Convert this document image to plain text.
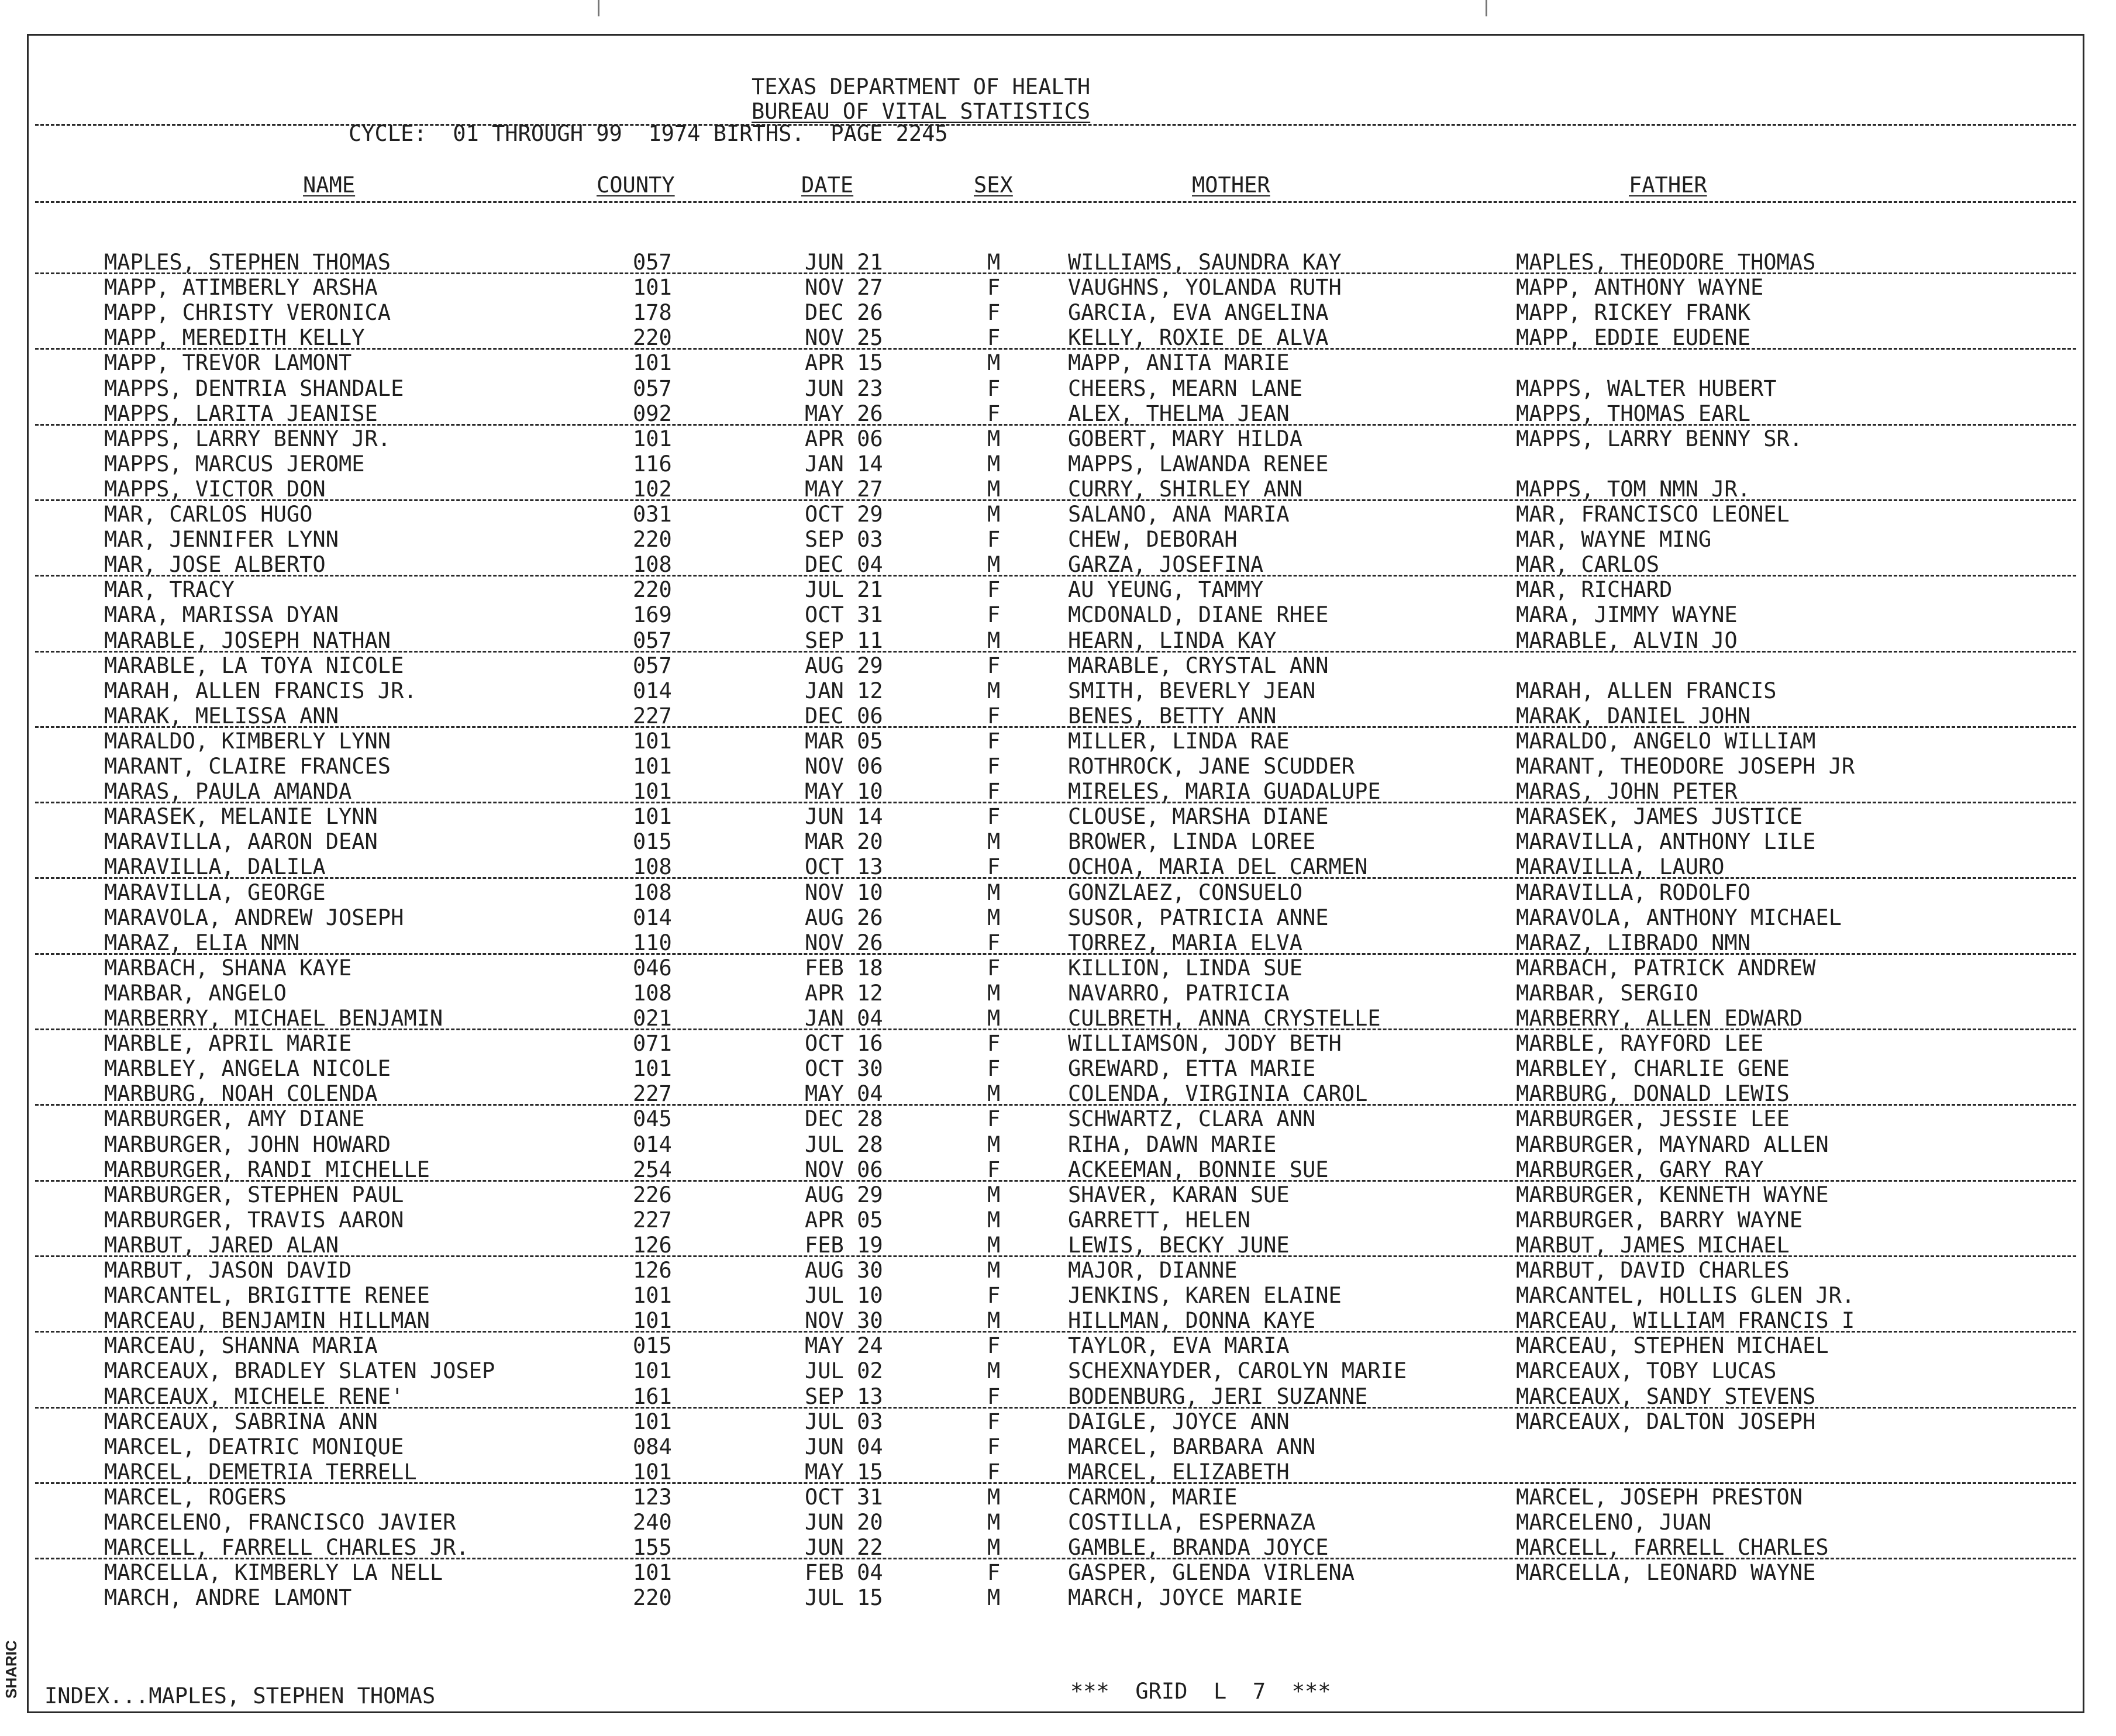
SHARIC
TEXAS DEPARTMENT OF HEALTH
BUREAU OF VITAL STATISTICS
CYCLE:  01 THROUGH 99  1974 BIRTHS.  PAGE 2245
NAME	COUNTY	DATE	SEX	MOTHER	FATHER
MAPLES, STEPHEN THOMAS	057	JUN 21	M	WILLIAMS, SAUNDRA KAY	MAPLES, THEODORE THOMAS
MAPP, ATIMBERLY ARSHA	101	NOV 27	F	VAUGHNS, YOLANDA RUTH	MAPP, ANTHONY WAYNE
MAPP, CHRISTY VERONICA	178	DEC 26	F	GARCIA, EVA ANGELINA	MAPP, RICKEY FRANK
MAPP, MEREDITH KELLY	220	NOV 25	F	KELLY, ROXIE DE ALVA	MAPP, EDDIE EUDENE
MAPP, TREVOR LAMONT	101	APR 15	M	MAPP, ANITA MARIE
MAPPS, DENTRIA SHANDALE	057	JUN 23	F	CHEERS, MEARN LANE	MAPPS, WALTER HUBERT
MAPPS, LARITA JEANISE	092	MAY 26	F	ALEX, THELMA JEAN	MAPPS, THOMAS EARL
MAPPS, LARRY BENNY JR.	101	APR 06	M	GOBERT, MARY HILDA	MAPPS, LARRY BENNY SR.
MAPPS, MARCUS JEROME	116	JAN 14	M	MAPPS, LAWANDA RENEE
MAPPS, VICTOR DON	102	MAY 27	M	CURRY, SHIRLEY ANN	MAPPS, TOM NMN JR.
MAR, CARLOS HUGO	031	OCT 29	M	SALANO, ANA MARIA	MAR, FRANCISCO LEONEL
MAR, JENNIFER LYNN	220	SEP 03	F	CHEW, DEBORAH	MAR, WAYNE MING
MAR, JOSE ALBERTO	108	DEC 04	M	GARZA, JOSEFINA	MAR, CARLOS
MAR, TRACY	220	JUL 21	F	AU YEUNG, TAMMY	MAR, RICHARD
MARA, MARISSA DYAN	169	OCT 31	F	MCDONALD, DIANE RHEE	MARA, JIMMY WAYNE
MARABLE, JOSEPH NATHAN	057	SEP 11	M	HEARN, LINDA KAY	MARABLE, ALVIN JO
MARABLE, LA TOYA NICOLE	057	AUG 29	F	MARABLE, CRYSTAL ANN
MARAH, ALLEN FRANCIS JR.	014	JAN 12	M	SMITH, BEVERLY JEAN	MARAH, ALLEN FRANCIS
MARAK, MELISSA ANN	227	DEC 06	F	BENES, BETTY ANN	MARAK, DANIEL JOHN
MARALDO, KIMBERLY LYNN	101	MAR 05	F	MILLER, LINDA RAE	MARALDO, ANGELO WILLIAM
MARANT, CLAIRE FRANCES	101	NOV 06	F	ROTHROCK, JANE SCUDDER	MARANT, THEODORE JOSEPH JR
MARAS, PAULA AMANDA	101	MAY 10	F	MIRELES, MARIA GUADALUPE	MARAS, JOHN PETER
MARASEK, MELANIE LYNN	101	JUN 14	F	CLOUSE, MARSHA DIANE	MARASEK, JAMES JUSTICE
MARAVILLA, AARON DEAN	015	MAR 20	M	BROWER, LINDA LOREE	MARAVILLA, ANTHONY LILE
MARAVILLA, DALILA	108	OCT 13	F	OCHOA, MARIA DEL CARMEN	MARAVILLA, LAURO
MARAVILLA, GEORGE	108	NOV 10	M	GONZLAEZ, CONSUELO	MARAVILLA, RODOLFO
MARAVOLA, ANDREW JOSEPH	014	AUG 26	M	SUSOR, PATRICIA ANNE	MARAVOLA, ANTHONY MICHAEL
MARAZ, ELIA NMN	110	NOV 26	F	TORREZ, MARIA ELVA	MARAZ, LIBRADO NMN
MARBACH, SHANA KAYE	046	FEB 18	F	KILLION, LINDA SUE	MARBACH, PATRICK ANDREW
MARBAR, ANGELO	108	APR 12	M	NAVARRO, PATRICIA	MARBAR, SERGIO
MARBERRY, MICHAEL BENJAMIN	021	JAN 04	M	CULBRETH, ANNA CRYSTELLE	MARBERRY, ALLEN EDWARD
MARBLE, APRIL MARIE	071	OCT 16	F	WILLIAMSON, JODY BETH	MARBLE, RAYFORD LEE
MARBLEY, ANGELA NICOLE	101	OCT 30	F	GREWARD, ETTA MARIE	MARBLEY, CHARLIE GENE
MARBURG, NOAH COLENDA	227	MAY 04	M	COLENDA, VIRGINIA CAROL	MARBURG, DONALD LEWIS
MARBURGER, AMY DIANE	045	DEC 28	F	SCHWARTZ, CLARA ANN	MARBURGER, JESSIE LEE
MARBURGER, JOHN HOWARD	014	JUL 28	M	RIHA, DAWN MARIE	MARBURGER, MAYNARD ALLEN
MARBURGER, RANDI MICHELLE	254	NOV 06	F	ACKEEMAN, BONNIE SUE	MARBURGER, GARY RAY
MARBURGER, STEPHEN PAUL	226	AUG 29	M	SHAVER, KARAN SUE	MARBURGER, KENNETH WAYNE
MARBURGER, TRAVIS AARON	227	APR 05	M	GARRETT, HELEN	MARBURGER, BARRY WAYNE
MARBUT, JARED ALAN	126	FEB 19	M	LEWIS, BECKY JUNE	MARBUT, JAMES MICHAEL
MARBUT, JASON DAVID	126	AUG 30	M	MAJOR, DIANNE	MARBUT, DAVID CHARLES
MARCANTEL, BRIGITTE RENEE	101	JUL 10	F	JENKINS, KAREN ELAINE	MARCANTEL, HOLLIS GLEN JR.
MARCEAU, BENJAMIN HILLMAN	101	NOV 30	M	HILLMAN, DONNA KAYE	MARCEAU, WILLIAM FRANCIS I
MARCEAU, SHANNA MARIA	015	MAY 24	F	TAYLOR, EVA MARIA	MARCEAU, STEPHEN MICHAEL
MARCEAUX, BRADLEY SLATEN JOSEP	101	JUL 02	M	SCHEXNAYDER, CAROLYN MARIE	MARCEAUX, TOBY LUCAS
MARCEAUX, MICHELE RENE'	161	SEP 13	F	BODENBURG, JERI SUZANNE	MARCEAUX, SANDY STEVENS
MARCEAUX, SABRINA ANN	101	JUL 03	F	DAIGLE, JOYCE ANN	MARCEAUX, DALTON JOSEPH
MARCEL, DEATRIC MONIQUE	084	JUN 04	F	MARCEL, BARBARA ANN
MARCEL, DEMETRIA TERRELL	101	MAY 15	F	MARCEL, ELIZABETH
MARCEL, ROGERS	123	OCT 31	M	CARMON, MARIE	MARCEL, JOSEPH PRESTON
MARCELENO, FRANCISCO JAVIER	240	JUN 20	M	COSTILLA, ESPERNAZA	MARCELENO, JUAN
MARCELL, FARRELL CHARLES JR.	155	JUN 22	M	GAMBLE, BRANDA JOYCE	MARCELL, FARRELL CHARLES
MARCELLA, KIMBERLY LA NELL	101	FEB 04	F	GASPER, GLENDA VIRLENA	MARCELLA, LEONARD WAYNE
MARCH, ANDRE LAMONT	220	JUL 15	M	MARCH, JOYCE MARIE
INDEX...MAPLES, STEPHEN THOMAS	***  GRID  L  7  ***
